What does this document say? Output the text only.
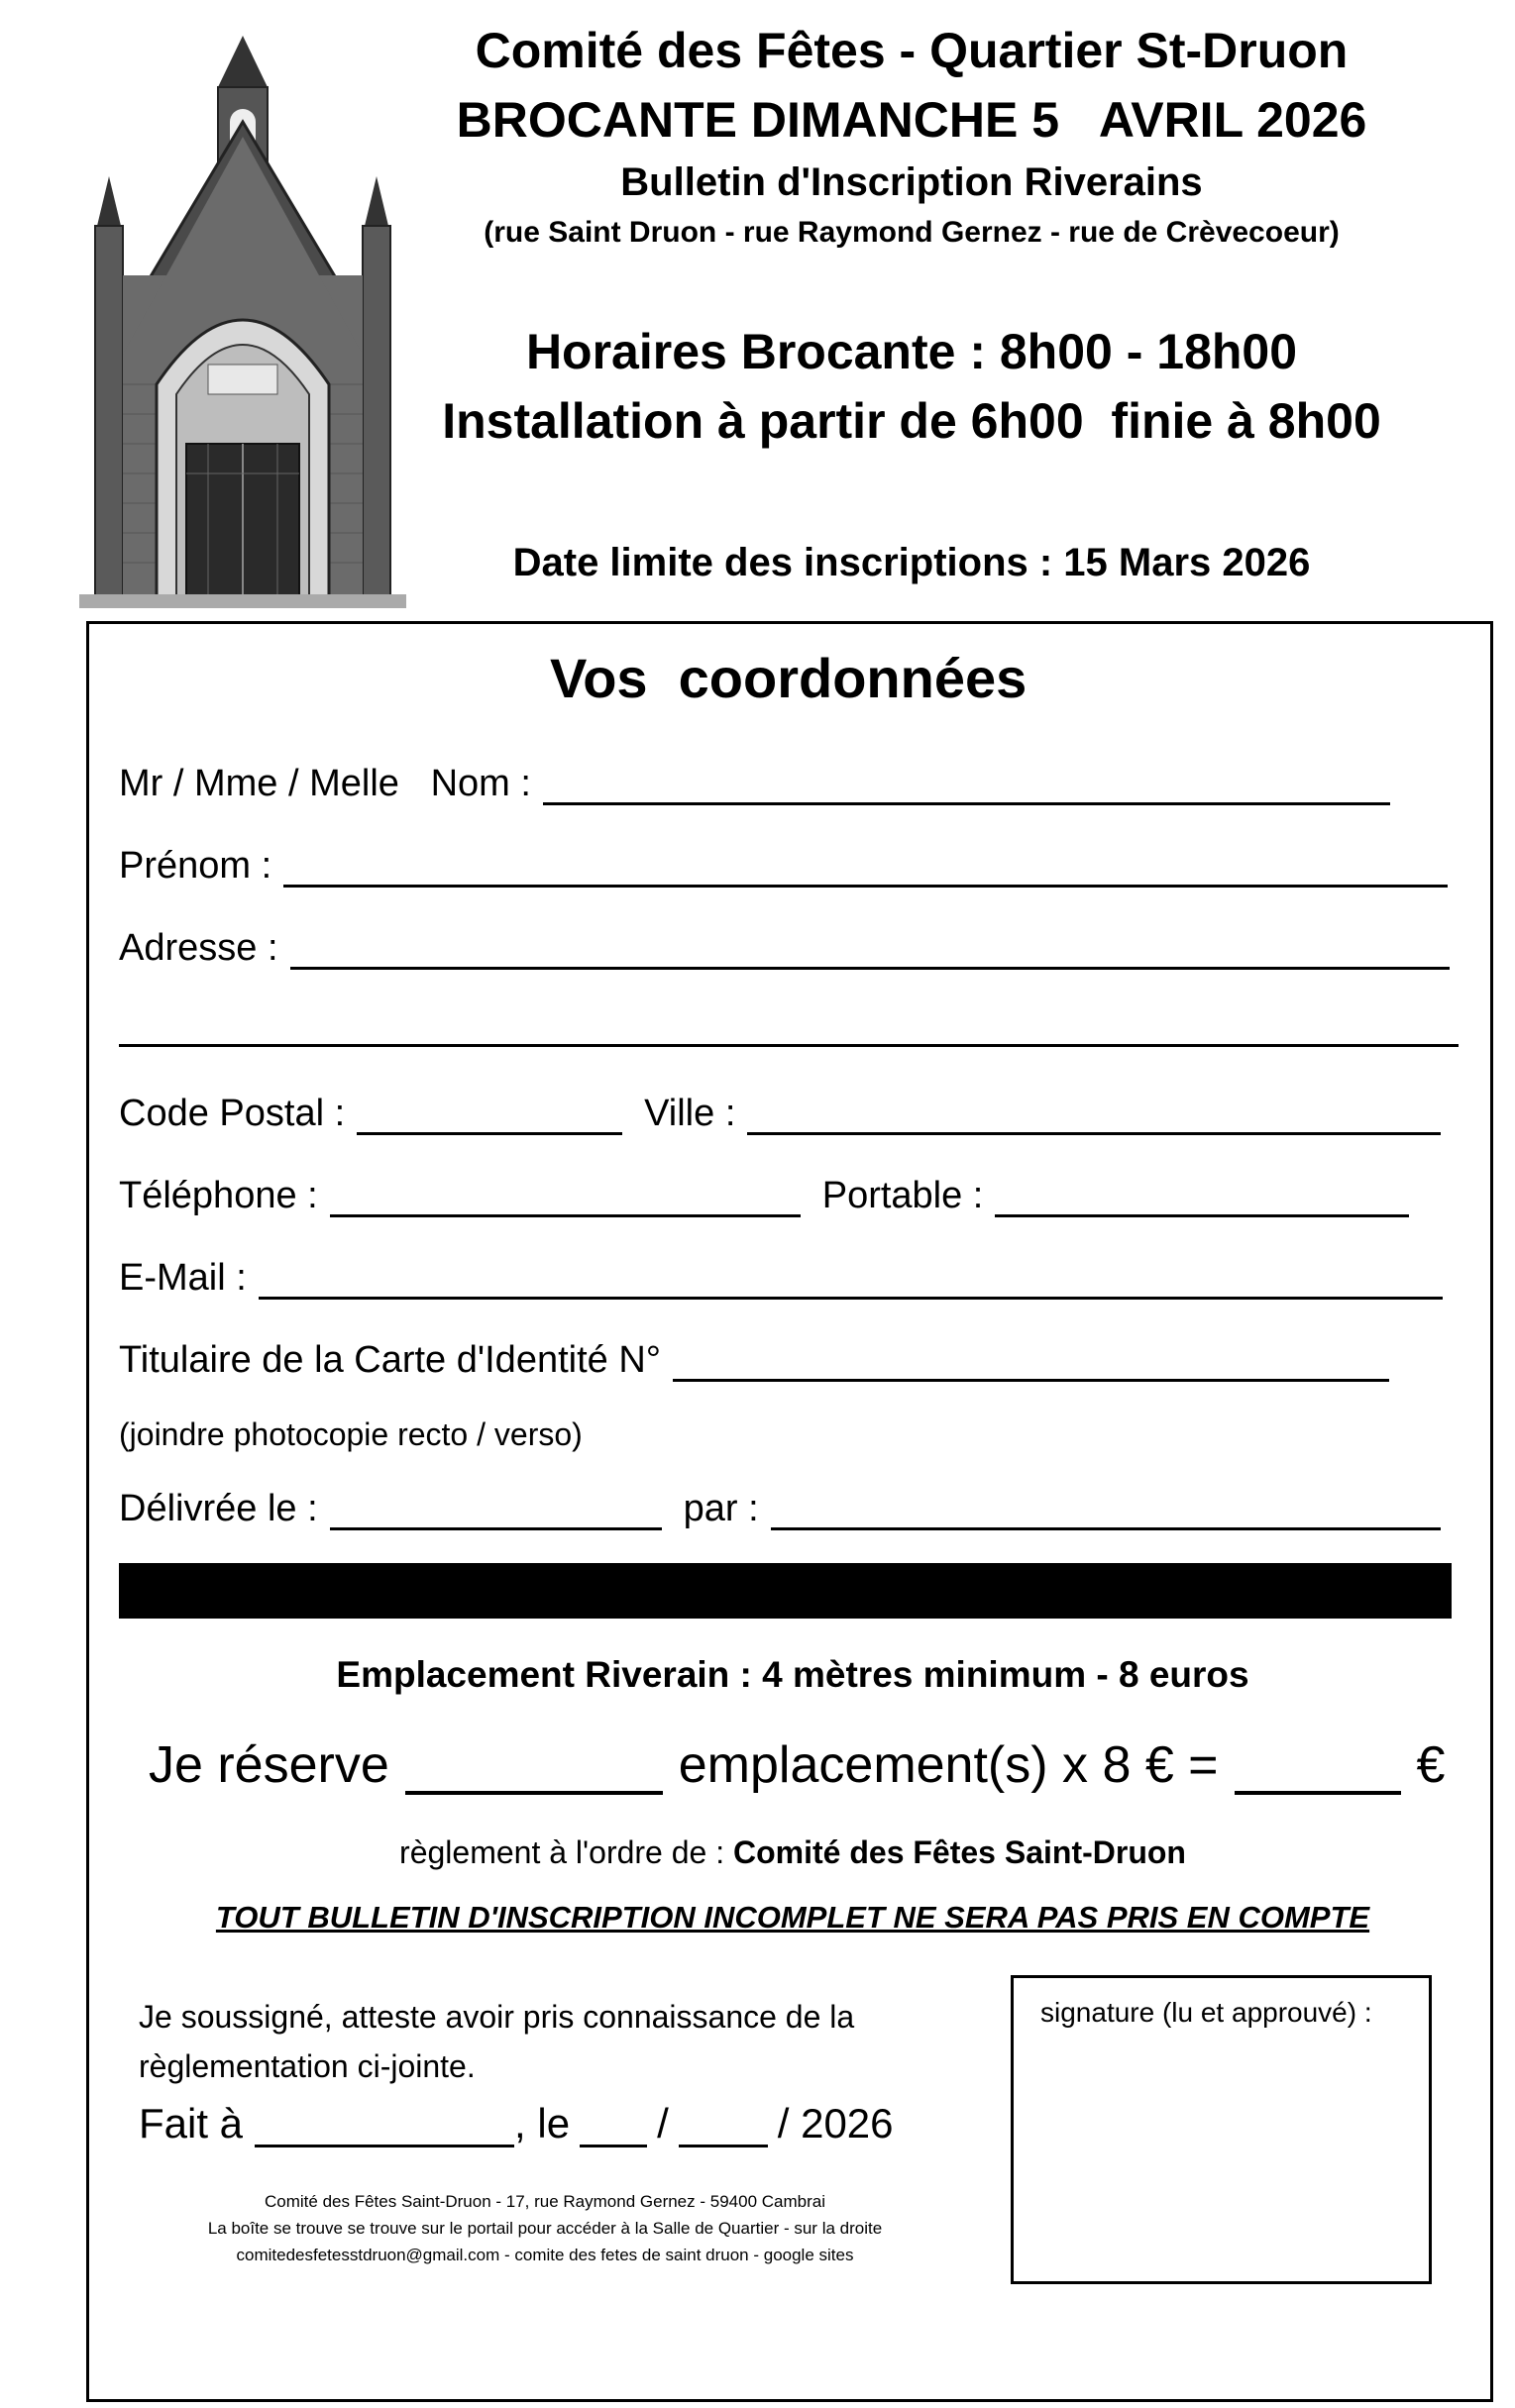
Comité des Fêtes - Quartier St-Druon
BROCANTE DIMANCHE 5   AVRIL 2026
Bulletin d'Inscription Riverains
(rue Saint Druon - rue Raymond Gernez - rue de Crèvecoeur)
Horaires Brocante : 8h00 - 18h00
Installation à partir de 6h00  finie à 8h00
Date limite des inscriptions : 15 Mars 2026
Vos  coordonnées
Mr / Mme / Melle   Nom :
Prénom :
Adresse :
Code Postal :	Ville :
Téléphone :	Portable :
E-Mail :
Titulaire de la Carte d'Identité N°
(joindre photocopie recto / verso)
Délivrée le :	par :
Emplacement Riverain : 4 mètres minimum - 8 euros
Je réserve	emplacement(s) x 8 € =	€
règlement à l'ordre de : Comité des Fêtes Saint-Druon
TOUT BULLETIN D'INSCRIPTION INCOMPLET NE SERA PAS PRIS EN COMPTE
Je soussigné, atteste avoir pris connaissance de la
règlementation ci-jointe.
Fait à	, le /	/ 2026
signature (lu et approuvé) :
Comité des Fêtes Saint-Druon - 17, rue Raymond Gernez - 59400 Cambrai
La boîte se trouve se trouve sur le portail pour accéder à la Salle de Quartier - sur la droite
comitedesfetesstdruon@gmail.com - comite des fetes de saint druon - google sites
